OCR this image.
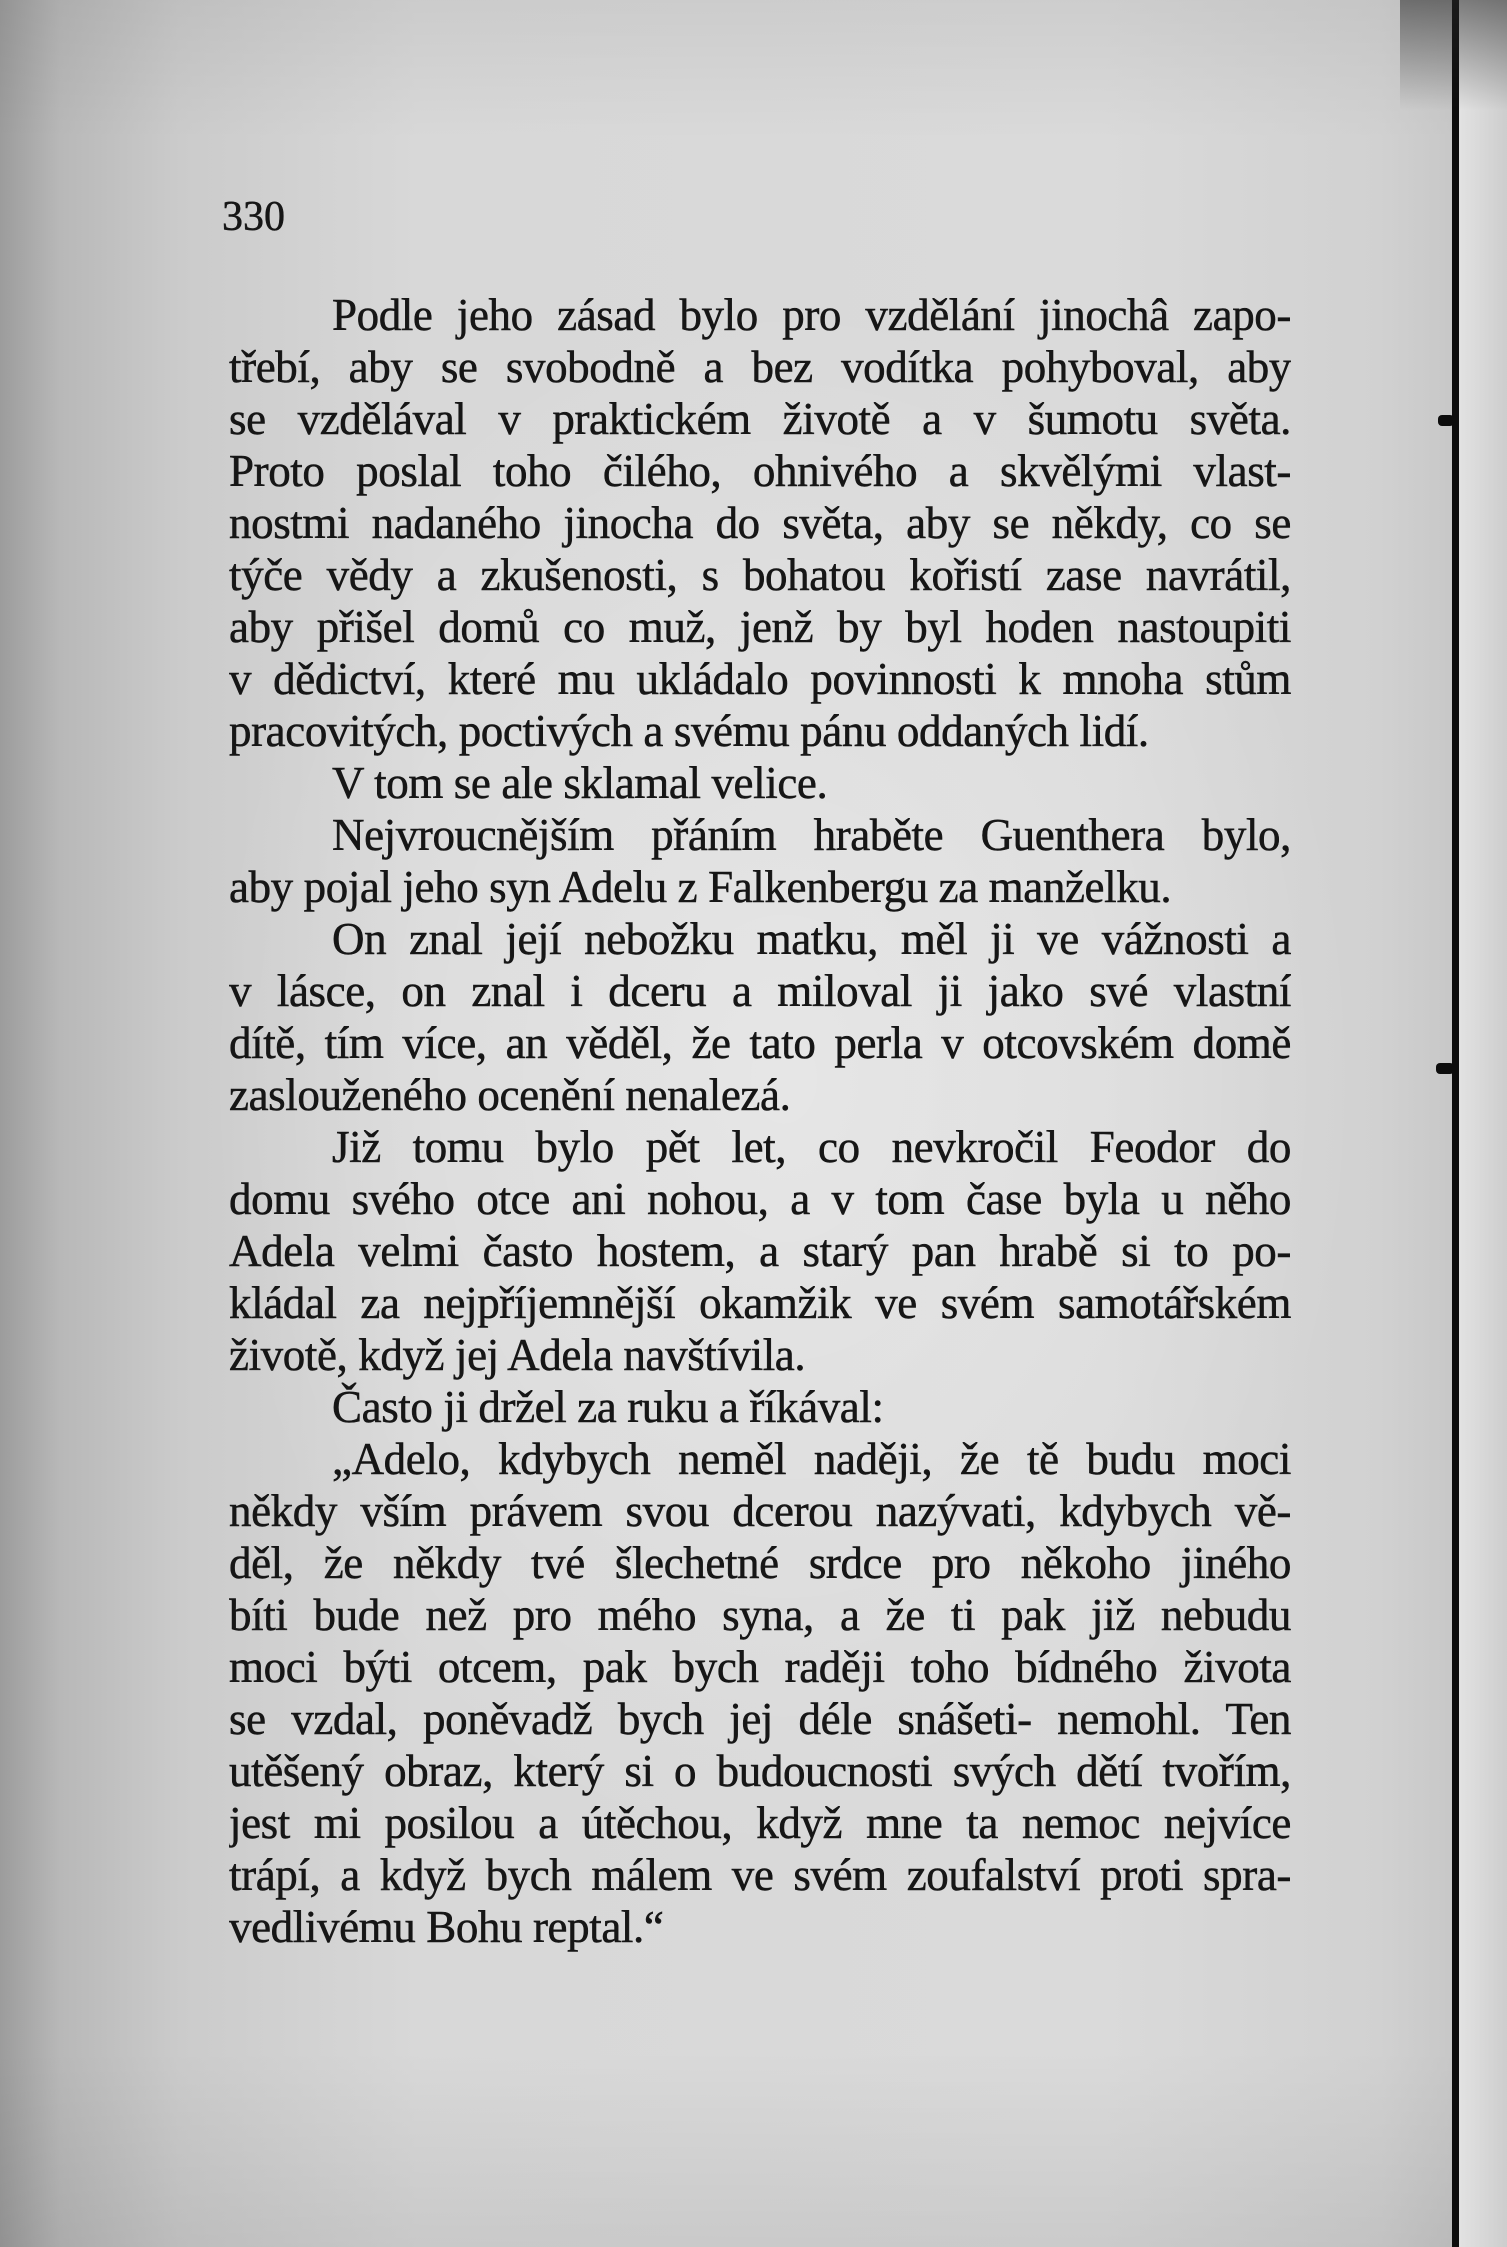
330
Podle jeho zásad bylo pro vzdělání jinochâ zapo-
třebí, aby se svobodně a bez vodítka pohyboval, aby
se vzdělával v praktickém životě a v šumotu světa.
Proto poslal toho čilého, ohnivého a skvělými vlast-
nostmi nadaného jinocha do světa, aby se někdy, co se
týče vědy a zkušenosti, s bohatou kořistí zase navrátil,
aby přišel domů co muž, jenž by byl hoden nastoupiti
v dědictví, které mu ukládalo povinnosti k mnoha stům
pracovitých, poctivých a svému pánu oddaných lidí.
V tom se ale sklamal velice.
Nejvroucnějším přáním hraběte Guenthera bylo,
aby pojal jeho syn Adelu z Falkenbergu za manželku.
On znal její nebožku matku, měl ji ve vážnosti a
v lásce, on znal i dceru a miloval ji jako své vlastní
dítě, tím více, an věděl, že tato perla v otcovském domě
zaslouženého ocenění nenalezá.
Již tomu bylo pět let, co nevkročil Feodor do
domu svého otce ani nohou, a v tom čase byla u něho
Adela velmi často hostem, a starý pan hrabě si to po-
kládal za nejpříjemnější okamžik ve svém samotářském
životě, když jej Adela navštívila.
Často ji držel za ruku a říkával:
„Adelo, kdybych neměl naději, že tě budu moci
někdy vším právem svou dcerou nazývati, kdybych vě-
děl, že někdy tvé šlechetné srdce pro někoho jiného
bíti bude než pro mého syna, a že ti pak již nebudu
moci býti otcem, pak bych raději toho bídného života
se vzdal, poněvadž bych jej déle snášeti- nemohl. Ten
utěšený obraz, který si o budoucnosti svých dětí tvořím,
jest mi posilou a útěchou, když mne ta nemoc nejvíce
trápí, a když bych málem ve svém zoufalství proti spra-
vedlivému Bohu reptal.“
